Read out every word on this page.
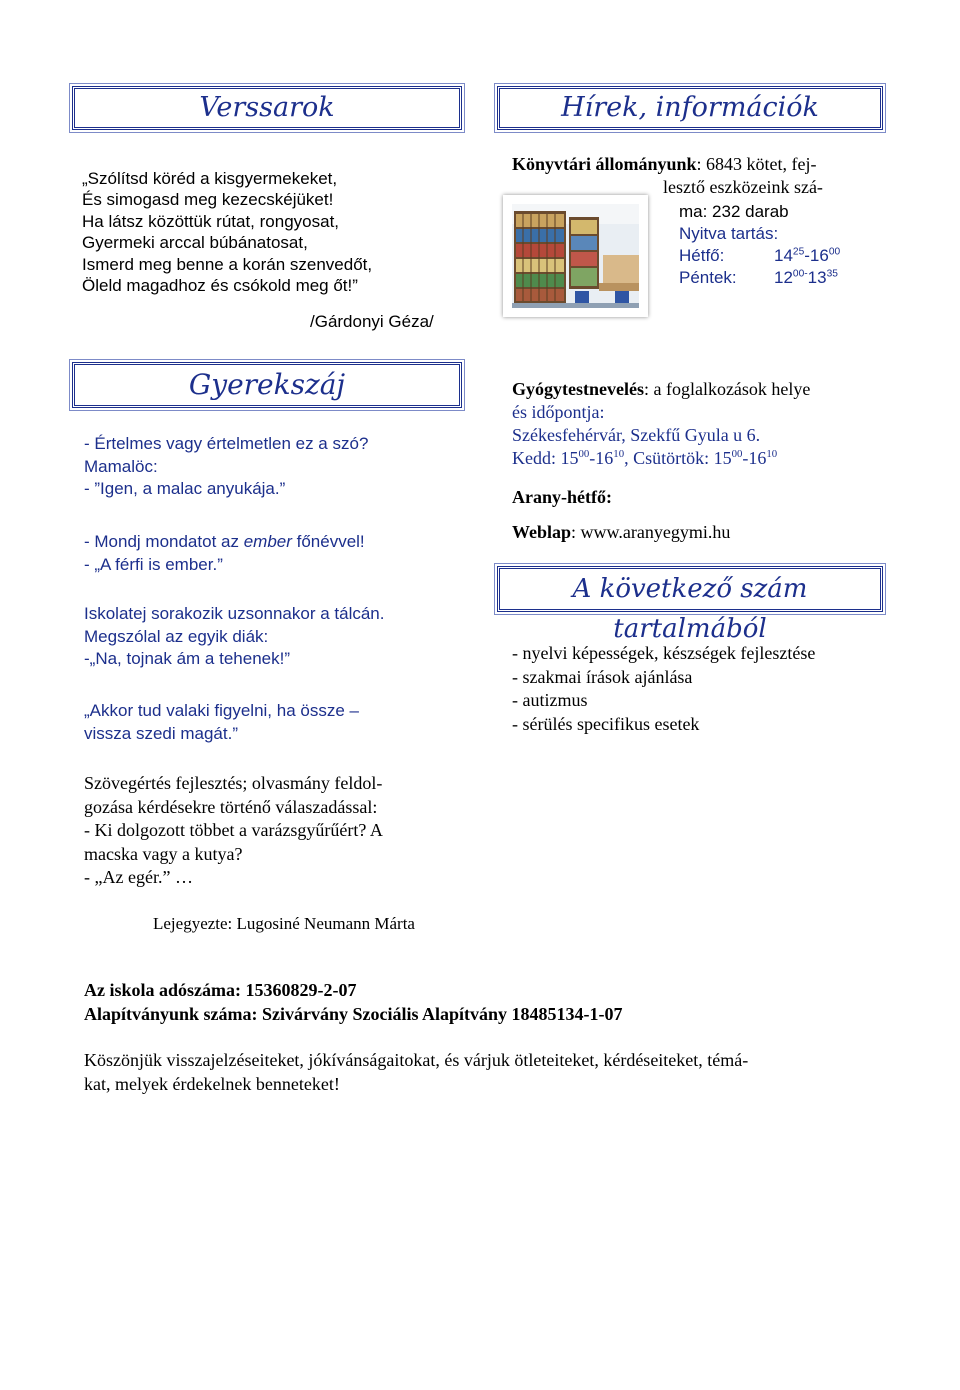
Verssarok
„Szólítsd köréd a kisgyermekeket,
És simogasd meg kezecskéjüket!
Ha látsz közöttük rútat, rongyosat,
Gyermeki arccal búbánatosat,
Ismerd meg benne a korán szenvedőt,
Öleld magadhoz és csókold meg őt!”
/Gárdonyi Géza/
Gyerekszáj
- Értelmes vagy értelmetlen ez a szó?
Mamalöc:
- ”Igen, a malac anyukája.”
- Mondj mondatot az ember főnévvel!
- „A férfi is ember.”
Iskolatej sorakozik uzsonnakor a tálcán.
Megszólal az egyik diák:
-„Na, tojnak ám a tehenek!”
„Akkor tud valaki figyelni, ha össze –
vissza szedi magát.”
Szövegértés fejlesztés; olvasmány feldol-
gozása kérdésekre történő válaszadással:
- Ki dolgozott többet a varázsgyűrűért? A
macska vagy a kutya?
- „Az egér.” …
Lejegyezte: Lugosiné Neumann Márta
Hírek, információk
Könyvtári állományunk: 6843 kötet, fej-
lesztő eszközeink szá-
ma: 232 darab
Nyitva tartás:
Hétfő:	$14^{25}-16^{00}$
Péntek: $12^{00-}13^{35}$
Gyógytestnevelés: a foglalkozások helye
és időpontja:
Székesfehérvár, Szekfű Gyula u 6.
Kedd: $15^{00}-16^{10}$, Csütörtök: $15^{00}-16^{10}$
Arany-hétfő:
Weblap: www.aranyegymi.hu
A következő szám tartalmából
- nyelvi képességek, készségek fejlesztése
- szakmai írások ajánlása
- autizmus
- sérülés specifikus esetek
Az iskola adószáma: 15360829-2-07
Alapítványunk száma: Szivárvány Szociális Alapítvány 18485134-1-07
Köszönjük visszajelzéseiteket, jókívánságaitokat, és várjuk ötleteiteket, kérdéseiteket, témá-
kat, melyek érdekelnek benneteket!
